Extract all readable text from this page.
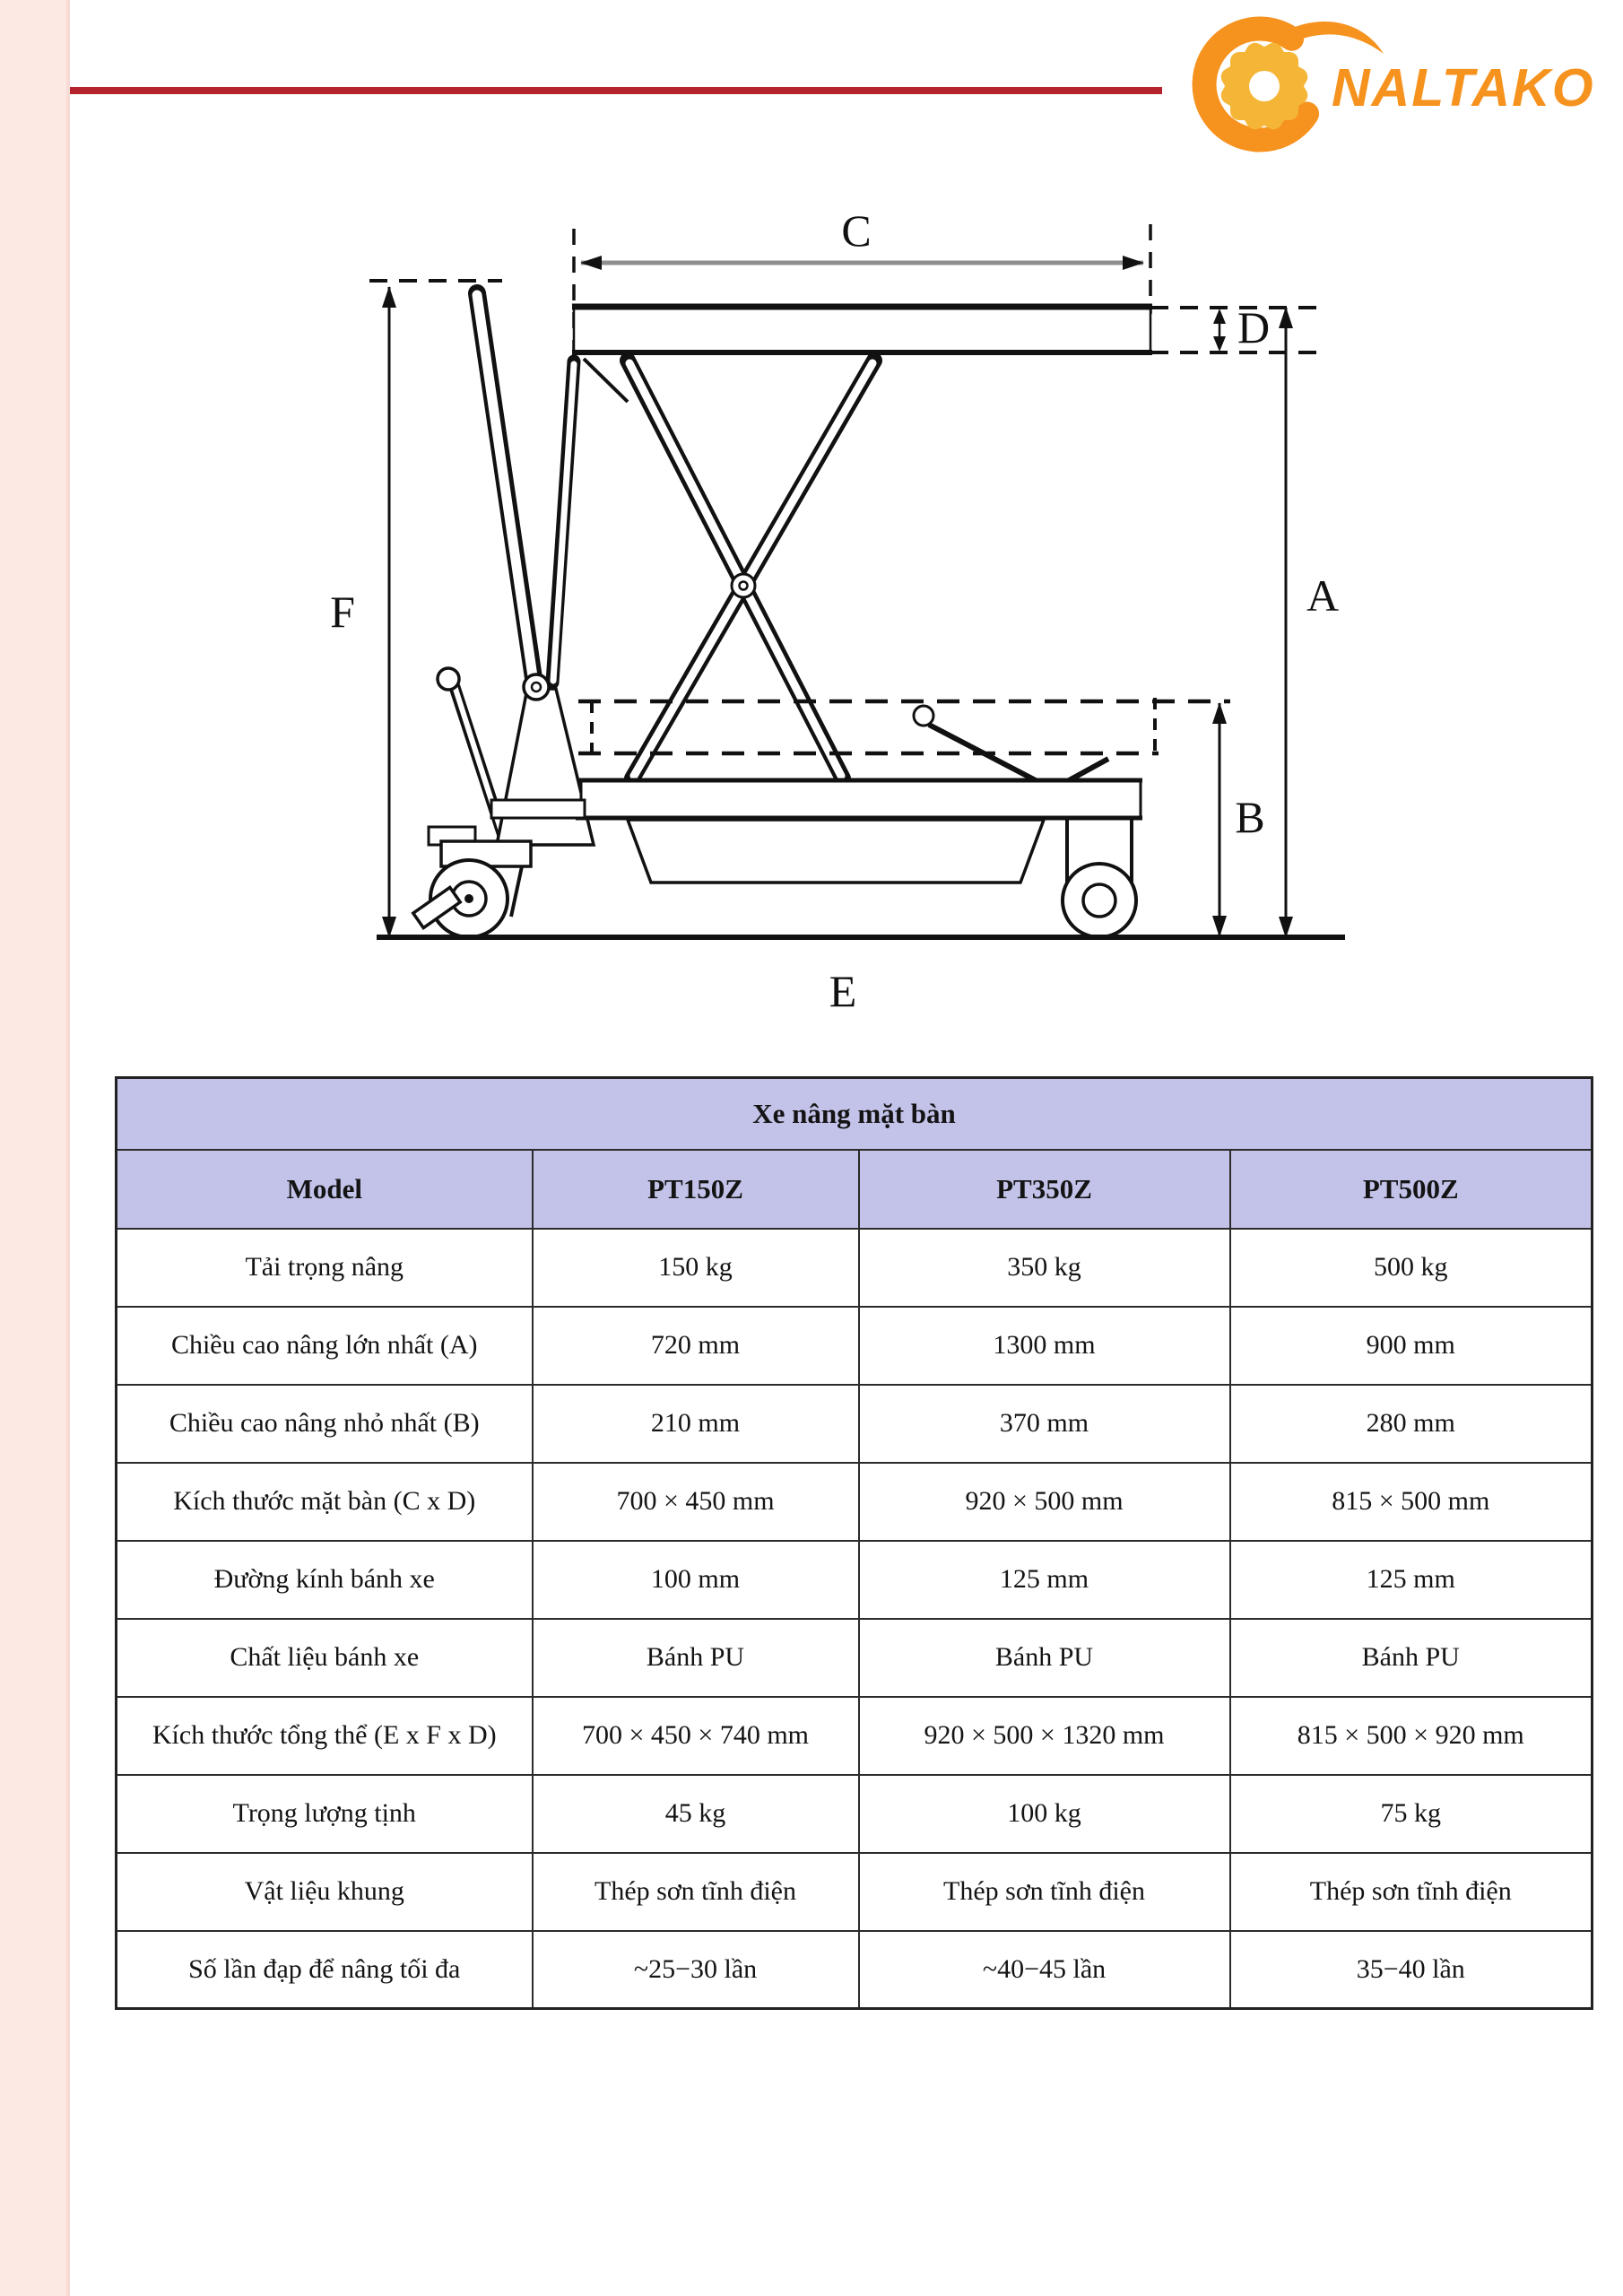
NALTAKO
C
D
A
B
F
E
Xe nâng mặt bàn			
Model	PT150Z	PT350Z	PT500Z
Tải trọng nâng	150 kg	350 kg	500 kg
Chiều cao nâng lớn nhất (A)	720 mm	1300 mm	900 mm
Chiều cao nâng nhỏ nhất (B)	210 mm	370 mm	280 mm
Kích thước mặt bàn (C x D)	700 × 450 mm	920 × 500 mm	815 × 500 mm
Đường kính bánh xe	100 mm	125 mm	125 mm
Chất liệu bánh xe	Bánh PU	Bánh PU	Bánh PU
Kích thước tổng thể (E x F x D)	700 × 450 × 740 mm	920 × 500 × 1320 mm	815 × 500 × 920 mm
Trọng lượng tịnh	45 kg	100 kg	75 kg
Vật liệu khung	Thép sơn tĩnh điện	Thép sơn tĩnh điện	Thép sơn tĩnh điện
Số lần đạp để nâng tối đa	~25−30 lần	~40−45 lần	35−40 lần
